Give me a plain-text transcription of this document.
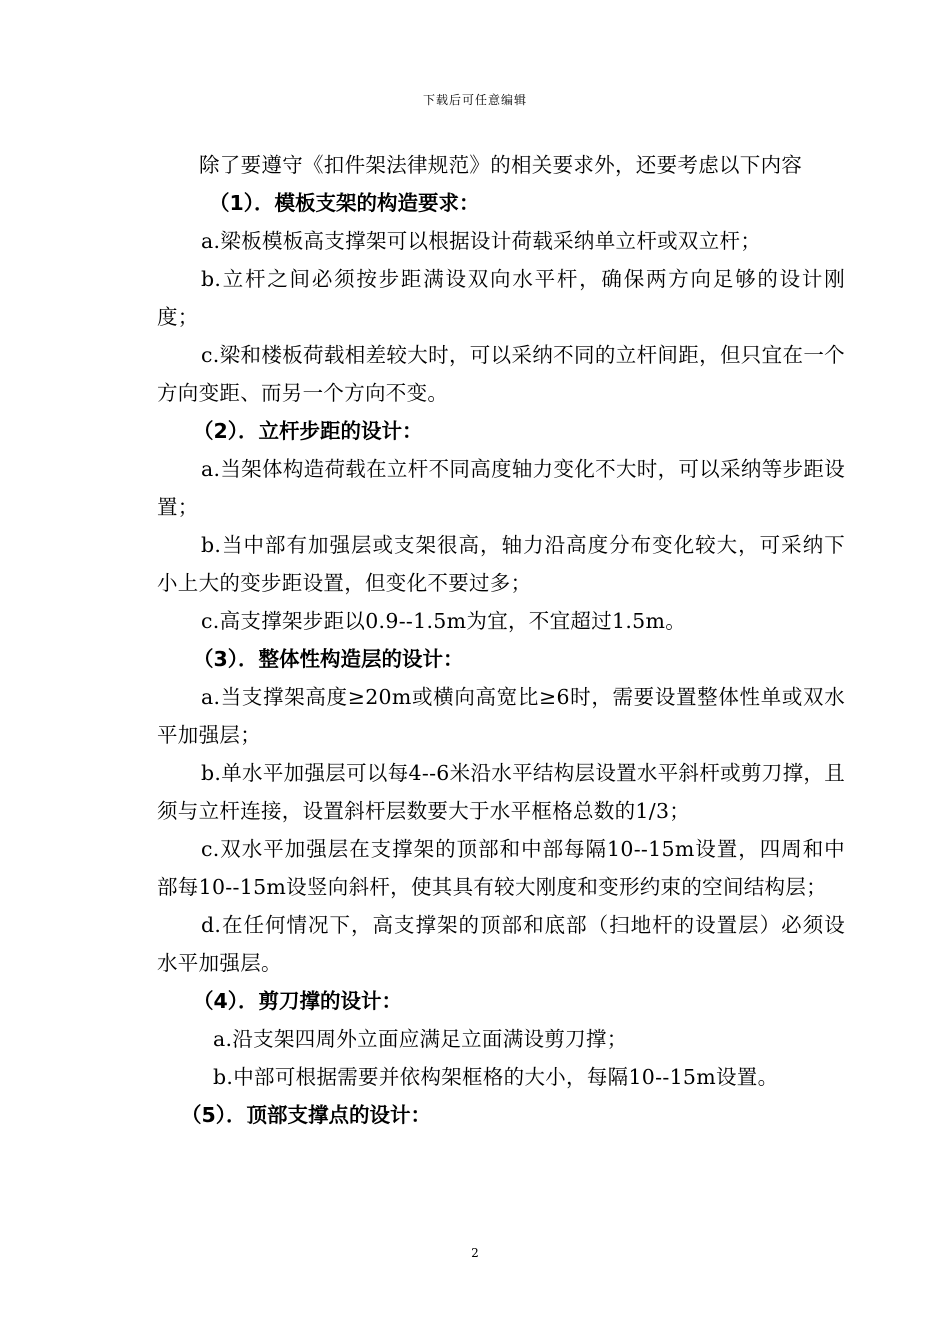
下载后可任意编辑

除了要遵守《扣件架法律规范》的相关要求外，还要考虑以下内容

（1）．模板支架的构造要求：

a.梁板模板高支撑架可以根据设计荷载采纳单立杆或双立杆；

b.立杆之间必须按步距满设双向水平杆，确保两方向足够的设计刚度；

c.梁和楼板荷载相差较大时，可以采纳不同的立杆间距，但只宜在一个方向变距、而另一个方向不变。

（2）．立杆步距的设计：

a.当架体构造荷载在立杆不同高度轴力变化不大时，可以采纳等步距设置；

b.当中部有加强层或支架很高，轴力沿高度分布变化较大，可采纳下小上大的变步距设置，但变化不要过多；

c.高支撑架步距以0.9--1.5m为宜，不宜超过1.5m。

（3）．整体性构造层的设计：

a.当支撑架高度≥20m或横向高宽比≥6时，需要设置整体性单或双水平加强层；

b.单水平加强层可以每4--6米沿水平结构层设置水平斜杆或剪刀撑，且须与立杆连接，设置斜杆层数要大于水平框格总数的1/3；

c.双水平加强层在支撑架的顶部和中部每隔10--15m设置，四周和中部每10--15m设竖向斜杆，使其具有较大刚度和变形约束的空间结构层；

d.在任何情况下，高支撑架的顶部和底部（扫地杆的设置层）必须设水平加强层。

（4）．剪刀撑的设计：

a.沿支架四周外立面应满足立面满设剪刀撑；

b.中部可根据需要并依构架框格的大小，每隔10--15m设置。

（5）．顶部支撑点的设计：

2
